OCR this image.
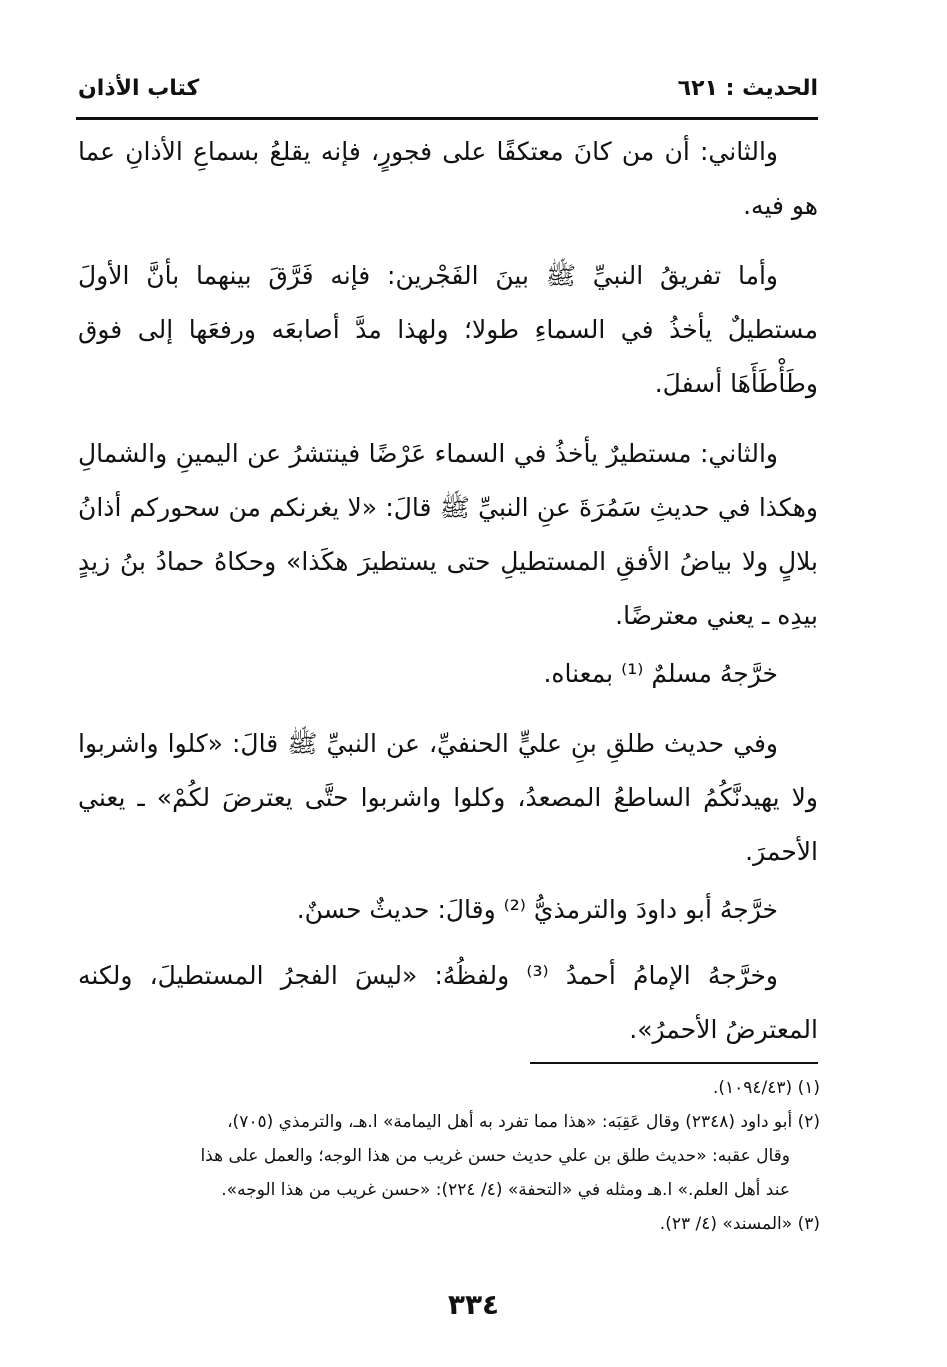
الحديث : ٦٢١
كتاب الأذان

والثاني: أن من كانَ معتكفًا على فجورٍ، فإنه يقلعُ بسماعِ الأذانِ عما هو فيه.

وأما تفريقُ النبيِّ ﷺ بينَ الفَجْرين: فإنه فَرَّقَ بينهما بأنَّ الأولَ مستطيلٌ يأخذُ في السماءِ طولا؛ ولهذا مدَّ أصابعَه ورفعَها إلى فوق وطَأْطَأَهَا أسفلَ.

والثاني: مستطيرٌ يأخذُ في السماء عَرْضًا فينتشرُ عن اليمينِ والشمالِ وهكذا في حديثِ سَمُرَةَ عنِ النبيِّ ﷺ قالَ: «لا يغرنكم من سحوركم أذانُ بلالٍ ولا بياضُ الأفقِ المستطيلِ حتى يستطيرَ هكَذا» وحكاهُ حمادُ بنُ زيدٍ بيدِه ـ يعني معترضًا.

خرَّجهُ مسلمٌ ⁽¹⁾ بمعناه.

وفي حديث طلقِ بنِ عليٍّ الحنفيِّ، عن النبيِّ ﷺ قالَ: «كلوا واشربوا ولا يهيدنَّكُمُ الساطعُ المصعدُ، وكلوا واشربوا حتَّى يعترضَ لكُمْ» ـ يعني الأحمرَ.

خرَّجهُ أبو داودَ والترمذيُّ ⁽²⁾ وقالَ: حديثٌ حسنٌ.

وخرَّجهُ الإمامُ أحمدُ ⁽³⁾ ولفظُهُ: «ليسَ الفجرُ المستطيلَ، ولكنه المعترضُ الأحمرُ».

(١) (١٠٩٤/٤٣).

(٢) أبو داود (٢٣٤٨) وقال عَقِبَه: «هذا مما تفرد به أهل اليمامة» ا.هـ، والترمذي (٧٠٥)،

وقال عقبه: «حديث طلق بن علي حديث حسن غريب من هذا الوجه؛ والعمل على هذا

عند أهل العلم.» ا.هـ ومثله في «التحفة» (٤/ ٢٢٤): «حسن غريب من هذا الوجه».

(٣) «المسند» (٤/ ٢٣).

٣٣٤
